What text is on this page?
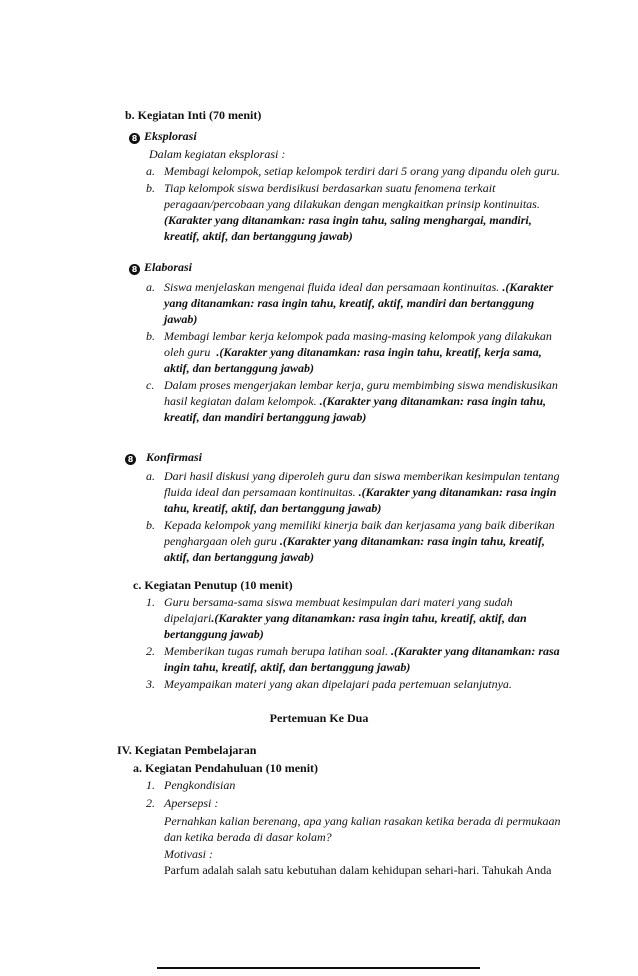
b. Kegiatan Inti (70 menit)
8 Eksplorasi
Dalam kegiatan eksplorasi :
a. Membagi kelompok, setiap kelompok terdiri dari 5 orang yang dipandu oleh guru.
b. Tiap kelompok siswa berdisikusi berdasarkan suatu fenomena terkait
peragaan/percobaan yang dilakukan dengan mengkaitkan prinsip kontinuitas.
(Karakter yang ditanamkan: rasa ingin tahu, saling menghargai, mandiri,
kreatif, aktif, dan bertanggung jawab)
8 Elaborasi
a. Siswa menjelaskan mengenai fluida ideal dan persamaan kontinuitas. .(Karakter
yang ditanamkan: rasa ingin tahu, kreatif, aktif, mandiri dan bertanggung
jawab)
b. Membagi lembar kerja kelompok pada masing-masing kelompok yang dilakukan
oleh guru .(Karakter yang ditanamkan: rasa ingin tahu, kreatif, kerja sama,
aktif, dan bertanggung jawab)
c. Dalam proses mengerjakan lembar kerja, guru membimbing siswa mendiskusikan
hasil kegiatan dalam kelompok. .(Karakter yang ditanamkan: rasa ingin tahu,
kreatif, dan mandiri bertanggung jawab)
8 Konfirmasi
a. Dari hasil diskusi yang diperoleh guru dan siswa memberikan kesimpulan tentang
fluida ideal dan persamaan kontinuitas. .(Karakter yang ditanamkan: rasa ingin
tahu, kreatif, aktif, dan bertanggung jawab)
b. Kepada kelompok yang memiliki kinerja baik dan kerjasama yang baik diberikan
penghargaan oleh guru .(Karakter yang ditanamkan: rasa ingin tahu, kreatif,
aktif, dan bertanggung jawab)
c. Kegiatan Penutup (10 menit)
1. Guru bersama-sama siswa membuat kesimpulan dari materi yang sudah
dipelajari.(Karakter yang ditanamkan: rasa ingin tahu, kreatif, aktif, dan
bertanggung jawab)
2. Memberikan tugas rumah berupa latihan soal. .(Karakter yang ditanamkan: rasa
ingin tahu, kreatif, aktif, dan bertanggung jawab)
3. Meyampaikan materi yang akan dipelajari pada pertemuan selanjutnya.
Pertemuan Ke Dua
IV. Kegiatan Pembelajaran
a. Kegiatan Pendahuluan (10 menit)
1. Pengkondisian
2. Apersepsi :
Pernahkan kalian berenang, apa yang kalian rasakan ketika berada di permukaan
dan ketika berada di dasar kolam?
Motivasi :
Parfum adalah salah satu kebutuhan dalam kehidupan sehari-hari. Tahukah Anda
